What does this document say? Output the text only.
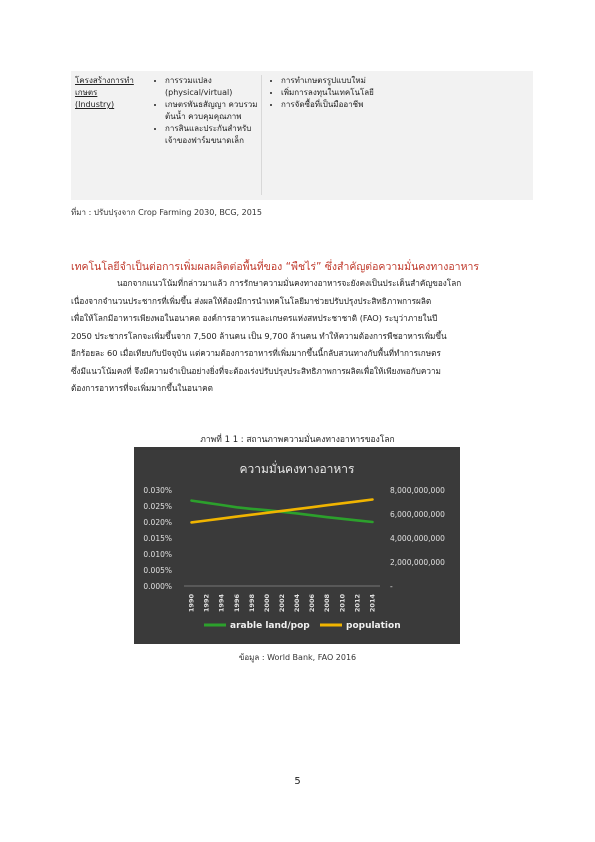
โครงสร้างการทำเกษตร
(Industry)
• การรวมแปลง (physical/virtual)
• เกษตรพันธสัญญา ควบรวมต้นน้ำ ควบคุมคุณภาพ
• การสินและประกันสำหรับเจ้าของฟาร์มขนาดเล็ก
• การทำเกษตรรูปแบบใหม่
• เพิ่มการลงทุนในเทคโนโลยี
• การจัดซื้อที่เป็นมืออาชีพ
ที่มา : ปรับปรุงจาก Crop Farming 2030, BCG, 2015
เทคโนโลยีจำเป็นต่อการเพิ่มผลผลิตต่อพื้นที่ของ “พืชไร่” ซึ่งสำคัญต่อความมั่นคงทางอาหาร
นอกจากแนวโน้มที่กล่าวมาแล้ว การรักษาความมั่นคงทางอาหารจะยังคงเป็นประเด็นสำคัญของโลก
เนื่องจากจำนวนประชากรที่เพิ่มขึ้น ส่งผลให้ต้องมีการนำเทคโนโลยีมาช่วยปรับปรุงประสิทธิภาพการผลิต
เพื่อให้โลกมีอาหารเพียงพอในอนาคต องค์การอาหารและเกษตรแห่งสหประชาชาติ (FAO) ระบุว่าภายในปี
2050 ประชากรโลกจะเพิ่มขึ้นจาก 7,500 ล้านคน เป็น 9,700 ล้านคน ทำให้ความต้องการพืชอาหารเพิ่มขึ้น
อีกร้อยละ 60 เมื่อเทียบกับปัจจุบัน แต่ความต้องการอาหารที่เพิ่มมากขึ้นนี้กลับสวนทางกับพื้นที่ทำการเกษตร
ซึ่งมีแนวโน้มคงที่ จึงมีความจำเป็นอย่างยิ่งที่จะต้องเร่งปรับปรุงประสิทธิภาพการผลิตเพื่อให้เพียงพอกับความ
ต้องการอาหารที่จะเพิ่มมากขึ้นในอนาคต
ภาพที่ 1 1 : สถานภาพความมั่นคงทางอาหารของโลก
ความมั่นคงทางอาหาร
0.000%
0.005%
0.010%
0.015%
0.020%
0.025%
0.030%
-
2,000,000,000
4,000,000,000
6,000,000,000
8,000,000,000
1990 1992 1994 1996 1998 2000 2002 2004 2006 2008 2010 2012 2014
arable land/pop	population
ข้อมูล : World Bank, FAO 2016
5
